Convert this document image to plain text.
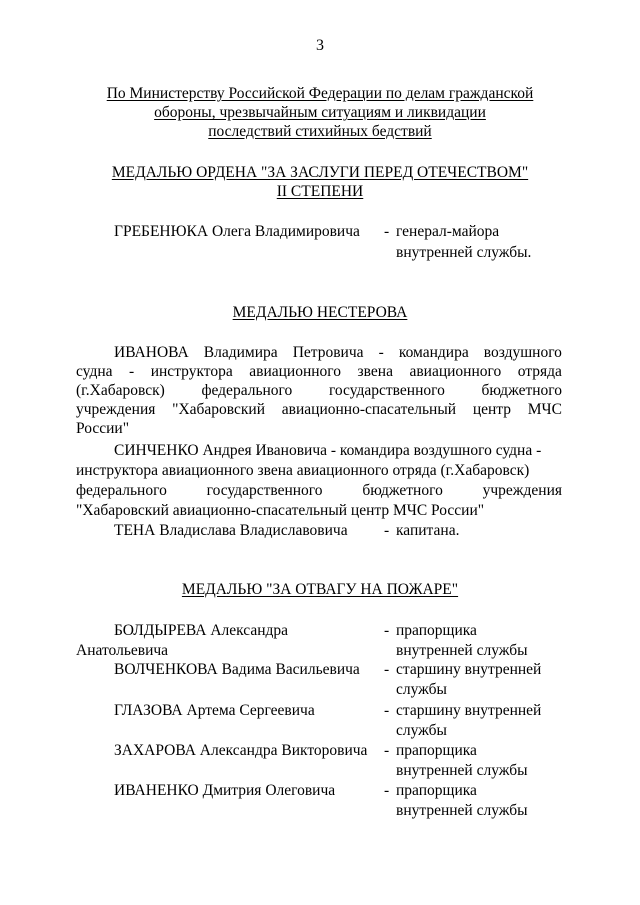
3
По Министерству Российской Федерации по делам гражданской
обороны, чрезвычайным ситуациям и ликвидации
последствий стихийных бедствий
МЕДАЛЬЮ ОРДЕНА "ЗА ЗАСЛУГИ ПЕРЕД ОТЕЧЕСТВОМ"
II СТЕПЕНИ
ГРЕБЕНЮКА Олега Владимировича - генерал-майора
внутренней службы.
МЕДАЛЬЮ НЕСТЕРОВА
ИВАНОВА Владимира Петровича - командира воздушного
судна - инструктора авиационного звена авиационного отряда
(г.Хабаровск) федерального государственного бюджетного
учреждения "Хабаровский авиационно-спасательный центр МЧС
России"
СИНЧЕНКО Андрея Ивановича - командира воздушного судна -
инструктора авиационного звена авиационного отряда (г.Хабаровск)
федерального	государственного	бюджетного	учреждения
"Хабаровский авиационно-спасательный центр МЧС России"
ТЕНА Владислава Владиславовича - капитана.
МЕДАЛЬЮ "ЗА ОТВАГУ НА ПОЖАРЕ"
БОЛДЫРЕВА Александра	- прапорщика
Анатольевича	внутренней службы
ВОЛЧЕНКОВА Вадима Васильевича - старшину внутренней
службы
ГЛАЗОВА Артема Сергеевича	- старшину внутренней
службы
ЗАХАРОВА Александра Викторовича - прапорщика
внутренней службы
ИВАНЕНКО Дмитрия Олеговича	- прапорщика
внутренней службы
